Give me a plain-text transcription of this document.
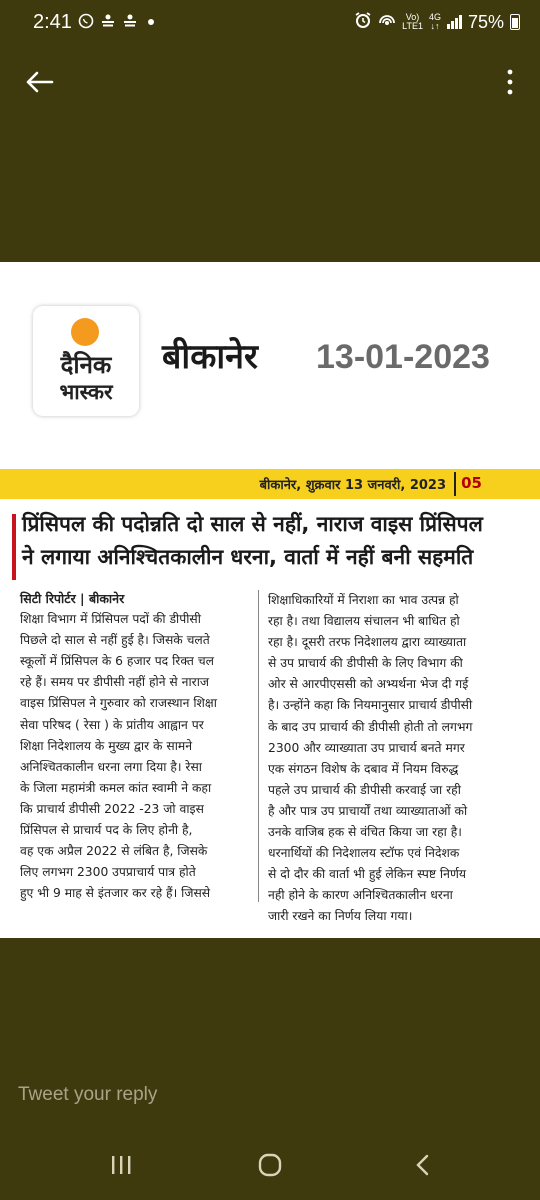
2:41	Vo)
LTE1
4G
↓↑ 75%
दैनिक
भास्कर
बीकानेर 13-01-2023
बीकानेर, शुक्रवार 13 जनवरी, 2023 05
प्रिंसिपल की पदोन्नति दो साल से नहीं, नाराज वाइस प्रिंसिपल
ने लगाया अनिश्चितकालीन धरना, वार्ता में नहीं बनी सहमति

सिटी रिपोर्टर | बीकानेर

शिक्षा विभाग में प्रिंसिपल पदों की डीपीसी

पिछले दो साल से नहीं हुई है। जिसके चलते

स्कूलों में प्रिंसिपल के 6 हजार पद रिक्त चल

रहे हैं। समय पर डीपीसी नहीं होने से नाराज

वाइस प्रिंसिपल ने गुरुवार को राजस्थान शिक्षा

सेवा परिषद ( रेसा ) के प्रांतीय आह्वान पर

शिक्षा निदेशालय के मुख्य द्वार के सामने

अनिश्चितकालीन धरना लगा दिया है। रेसा

के जिला महामंत्री कमल कांत स्वामी ने कहा

कि प्राचार्य डीपीसी 2022 -23 जो वाइस

प्रिंसिपल से प्राचार्य पद के लिए होनी है,

वह एक अप्रैल 2022 से लंबित है, जिसके

लिए लगभग 2300 उपप्राचार्य पात्र होते

हुए भी 9 माह से इंतजार कर रहे हैं। जिससे

शिक्षाधिकारियों में निराशा का भाव उत्पन्न हो

रहा है। तथा विद्यालय संचालन भी बाधित हो

रहा है। दूसरी तरफ निदेशालय द्वारा व्याख्याता

से उप प्राचार्य की डीपीसी के लिए विभाग की

ओर से आरपीएससी को अभ्यर्थना भेज दी गई

है। उन्होंने कहा कि नियमानुसार प्राचार्य डीपीसी

के बाद उप प्राचार्य की डीपीसी होती तो लगभग

2300 और व्याख्याता उप प्राचार्य बनते मगर

एक संगठन विशेष के दबाव में नियम विरुद्ध

पहले उप प्राचार्य की डीपीसी करवाई जा रही

है और पात्र उप प्राचार्यों तथा व्याख्याताओं को

उनके वाजिब हक से वंचित किया जा रहा है।

धरनार्थियों की निदेशालय स्टॉफ एवं निदेशक

से दो दौर की वार्ता भी हुई लेकिन स्पष्ट निर्णय

नही होने के कारण अनिश्चितकालीन धरना

जारी रखने का निर्णय लिया गया।

Tweet your reply
